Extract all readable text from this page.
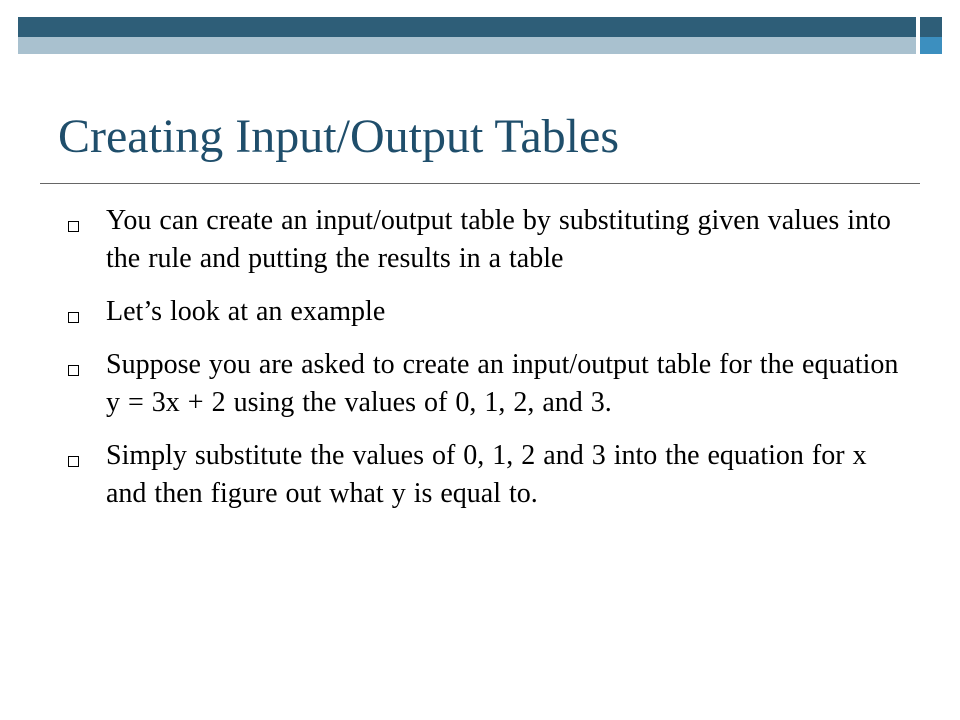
Creating Input/Output Tables
You can create an input/output table by substituting given values into the rule and putting the results in a table
Let’s look at an example
Suppose you are asked to create an input/output table for the equation y = 3x + 2 using the values of 0, 1, 2, and 3.
Simply substitute the values of 0, 1, 2 and 3 into the equation for x and then figure out what y is equal to.
